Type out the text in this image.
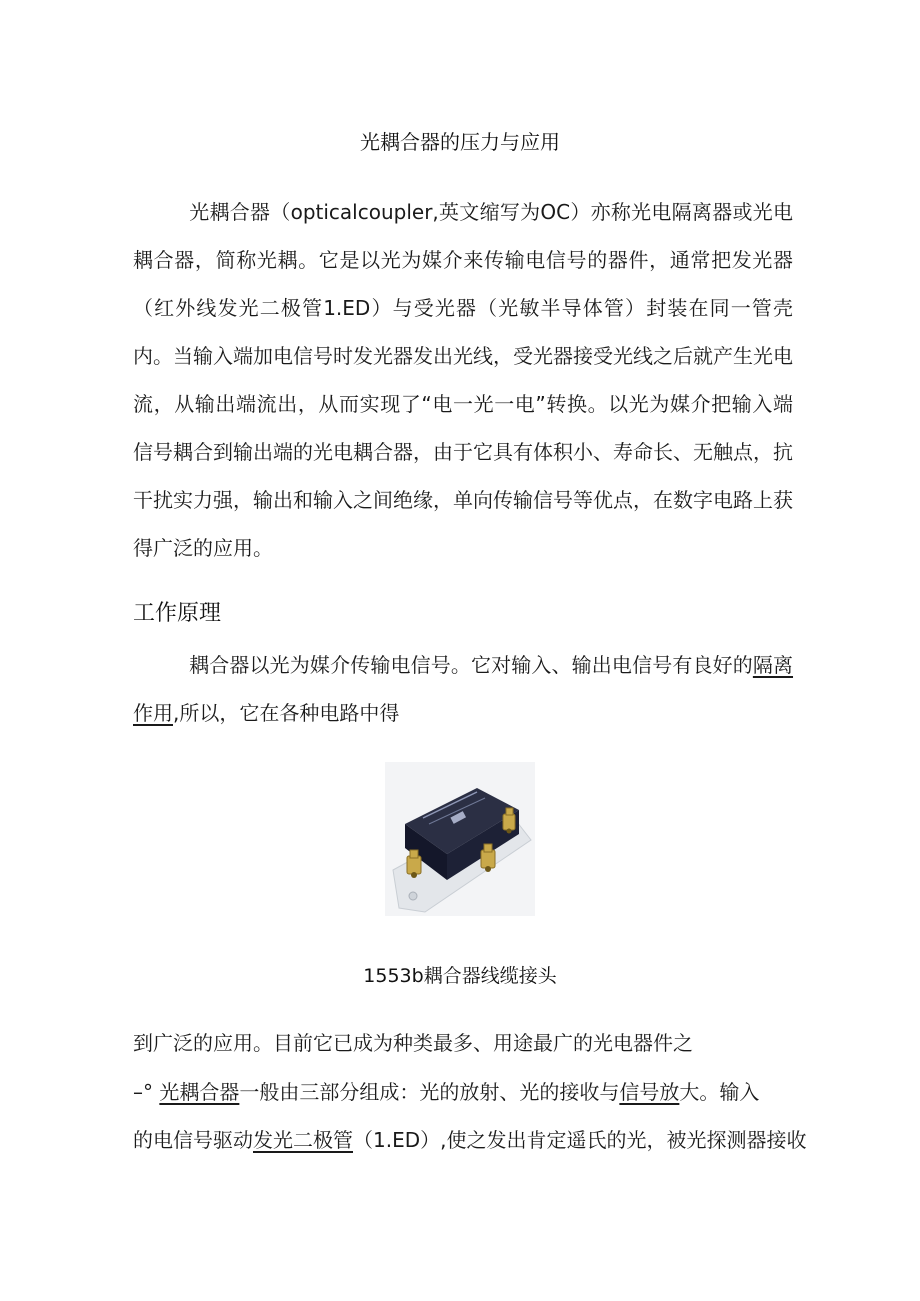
光耦合器的压力与应用
光耦合器（opticalcoupler,英文缩写为OC）亦称光电隔离器或光电耦合器，简称光耦。它是以光为媒介来传输电信号的器件，通常把发光器（红外线发光二极管1.ED）与受光器（光敏半导体管）封装在同一管壳内。当输入端加电信号时发光器发出光线，受光器接受光线之后就产生光电流，从输出端流出，从而实现了“电一光一电”转换。以光为媒介把输入端信号耦合到输出端的光电耦合器，由于它具有体积小、寿命长、无触点，抗干扰实力强，输出和输入之间绝缘，单向传输信号等优点，在数字电路上获得广泛的应用。
工作原理
耦合器以光为媒介传输电信号。它对输入、输出电信号有良好的隔离作用,所以，它在各种电路中得
1553b耦合器线缆接头
到广泛的应用。目前它已成为种类最多、用途最广的光电器件之
–° 光耦合器一般由三部分组成：光的放射、光的接收与信号放大。输入
的电信号驱动发光二极管（1.ED）,使之发出肯定遥氏的光，被光探测器接收
